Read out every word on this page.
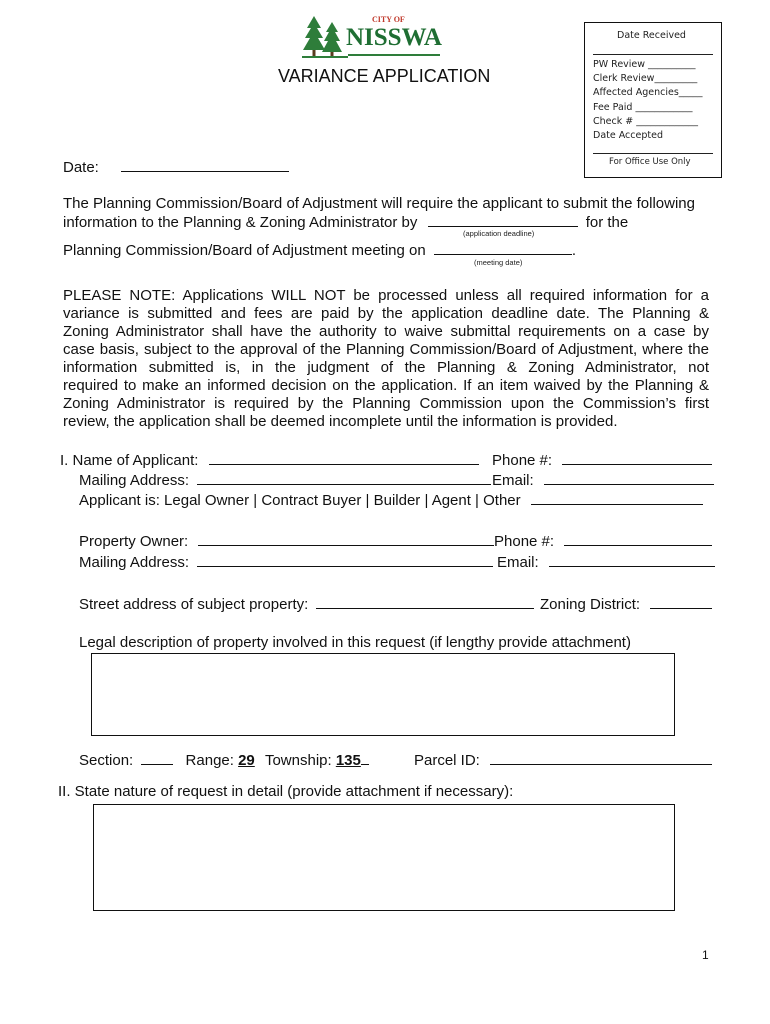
CITY OF
NISSWA
VARIANCE APPLICATION
Date Received
PW Review __________
Clerk Review_________
Affected Agencies_____
Fee Paid ____________
Check # _____________
Date Accepted
For Office Use Only
Date:
The Planning Commission/Board of Adjustment will require the applicant to submit the following
information to the Planning & Zoning Administrator by	for the
(application deadline)
Planning Commission/Board of Adjustment meeting on	.
(meeting date)

PLEASE NOTE: Applications WILL NOT be processed unless all required information for a

variance is submitted and fees are paid by the application deadline date. The Planning &

Zoning Administrator shall have the authority to waive submittal requirements on a case by

case basis, subject to the approval of the Planning Commission/Board of Adjustment, where the

information submitted is, in the judgment of the Planning & Zoning Administrator, not

required to make an informed decision on the application. If an item waived by the Planning &

Zoning Administrator is required by the Planning Commission upon the Commission’s first

review, the application shall be deemed incomplete until the information is provided.

I. Name of Applicant:	Phone #:
Mailing Address:	Email:
Applicant is: Legal Owner | Contract Buyer | Builder | Agent | Other
Property Owner:	Phone #:
Mailing Address:	Email:
Street address of subject property:	Zoning District:
Legal description of property involved in this request (if lengthy provide attachment)
Section:	Range: 29 Township: 135	Parcel ID:
II. State nature of request in detail (provide attachment if necessary):
1
